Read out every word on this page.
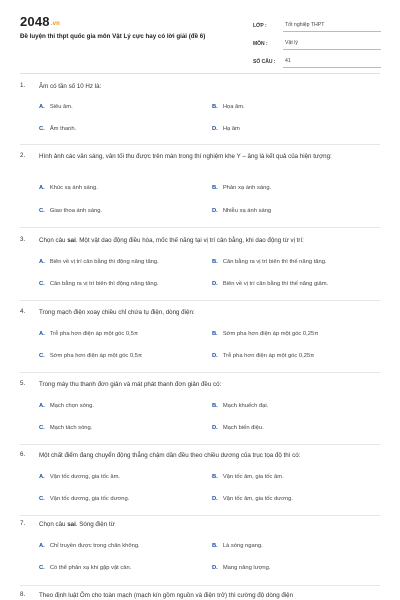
2048.vn
Đề luyện thi thpt quốc gia môn Vật Lý cực hay có lời giải (đề 6)
LỚP :	Tốt nghiệp THPT
MÔN :	Vật lý
SỐ CÂU :	41
1. Âm có tần số 10 Hz là:
A. Siêu âm.	B. Họa âm.
C. Âm thanh.	D. Hạ âm
2. Hình ảnh các vân sáng, vân tối thu được trên màn trong thí nghiệm khe Y – âng là kết quả của hiện tượng:
A. Khúc xạ ánh sáng.	B. Phản xạ ánh sáng.
C. Giao thoa ánh sáng.	D. Nhiễu xạ ánh sáng
3. Chọn câu sai. Một vật dao động điều hòa, mốc thế năng tại vị trí cân bằng, khi dao động từ vị trí:
A. Biên về vị trí cân bằng thì động năng tăng.	B. Cân bằng ra vị trí biên thì thế năng tăng.
C. Cân bằng ra vị trí biên thì động năng tăng.	D. Biên về vị trí cân bằng thì thế năng giảm.
4. Trong mạch điện xoay chiều chỉ chứa tụ điện, dòng điện:
A. Trễ pha hơn điện áp một góc 0,5π	B. Sớm pha hơn điện áp một góc 0,25π
C. Sớm pha hơn điện áp một góc 0,5π	D. Trễ pha hơn điện áp một góc 0,25π
5. Trong máy thu thanh đơn giản và mát phát thanh đơn giản đều có:
A. Mạch chọn sóng.	B. Mạch khuếch đại.
C. Mạch tách sóng.	D. Mạch biến điệu.
6. Một chất điểm đang chuyển động thẳng chậm dần đều theo chiều dương của trục tọa độ thì có:
A. Vận tốc dương, gia tốc âm.	B. Vận tốc âm, gia tốc âm.
C. Vận tốc dương, gia tốc dương.	D. Vận tốc âm, gia tốc dương.
7. Chọn câu sai. Sóng điện từ
A. Chỉ truyền được trong chân không.	B. Là sóng ngang.
C. Có thể phản xạ khi gặp vật cản.	D. Mang năng lượng.
8. Theo định luật Ôm cho toàn mạch (mạch kín gồm nguồn và điện trở) thì cường độ dòng điện
